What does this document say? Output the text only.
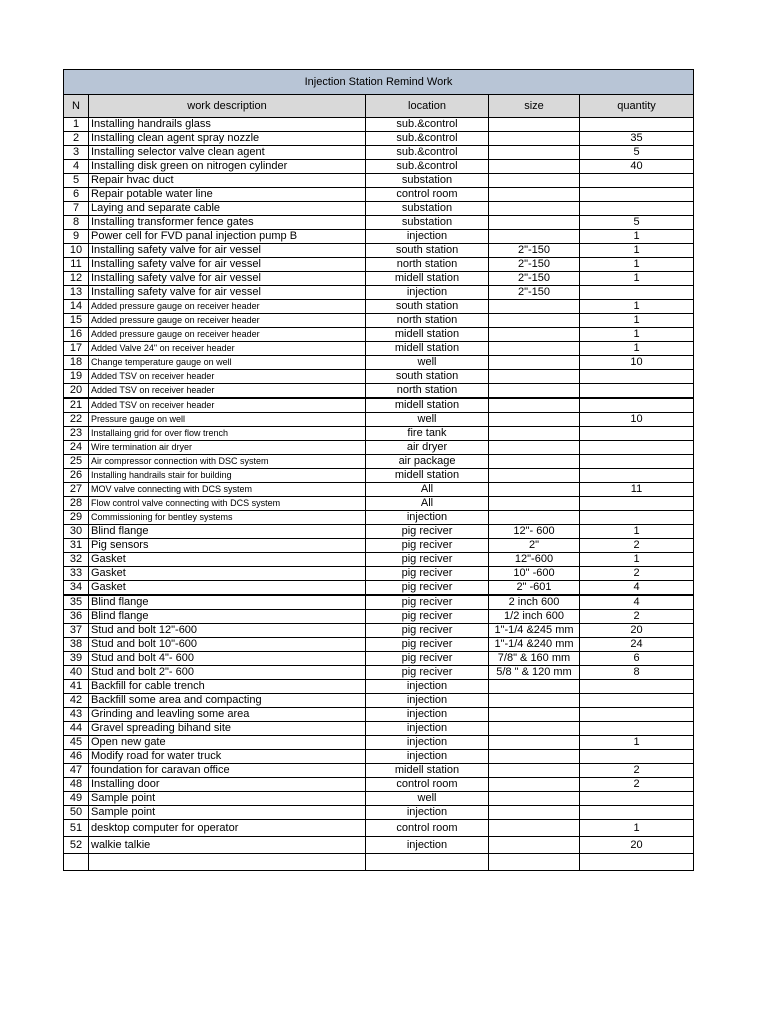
Injection Station Remind Work				
N	work description	location	size	quantity
1	Installing handrails glass	sub.&control		
2	Installing clean agent spray nozzle	sub.&control		35
3	Installing selector valve clean agent	sub.&control		5
4	Installing disk green on nitrogen cylinder	sub.&control		40
5	Repair hvac duct	substation		
6	Repair potable water line	control room		
7	Laying and separate cable	substation		
8	Installing transformer fence gates	substation		5
9	Power cell for FVD panal injection pump B	injection		1
10	Installing safety valve for air vessel	south station	2"-150	1
11	Installing safety valve for air vessel	north station	2"-150	1
12	Installing safety valve for air vessel	midell station	2"-150	1
13	Installing safety valve for air vessel	injection	2"-150	
14	Added pressure gauge on receiver header	south station		1
15	Added pressure gauge on receiver header	north station		1
16	Added pressure gauge on receiver header	midell station		1
17	Added Valve 24" on receiver header	midell station		1
18	Change temperature gauge on well	well		10
19	Added TSV on receiver header	south station		
20	Added TSV on receiver header	north station		
21	Added TSV on receiver header	midell station		
22	Pressure gauge on well	well		10
23	Installaing grid for over flow trench	fire tank		
24	Wire termination air dryer	air dryer		
25	Air compressor connection with DSC system	air package		
26	Installing handrails stair for building	midell station		
27	MOV valve connecting with DCS system	All		11
28	Flow control valve connecting with DCS system	All		
29	Commissioning for bentley systems	injection		
30	Blind flange	pig reciver	12"- 600	1
31	Pig sensors	pig reciver	2"	2
32	Gasket	pig reciver	12"-600	1
33	Gasket	pig reciver	10" -600	2
34	Gasket	pig reciver	2" -601	4
35	Blind flange	pig reciver	2 inch 600	4
36	Blind flange	pig reciver	1/2 inch 600	2
37	Stud and bolt 12"-600	pig reciver	1"-1/4 &245 mm	20
38	Stud and bolt 10"-600	pig reciver	1"-1/4 &240 mm	24
39	Stud and bolt 4"- 600	pig reciver	7/8" & 160 mm	6
40	Stud and bolt 2"- 600	pig reciver	5/8 " & 120 mm	8
41	Backfill for cable trench	injection		
42	Backfill some area and compacting	injection		
43	Grinding and leavling some area	injection		
44	Gravel spreading bihand site	injection		
45	Open new gate	injection		1
46	Modify road for water truck	injection		
47	foundation for caravan office	midell station		2
48	Installing door	control room		2
49	Sample point	well		
50	Sample point	injection		
51	desktop computer for operator	control room		1
52	walkie talkie	injection		20
